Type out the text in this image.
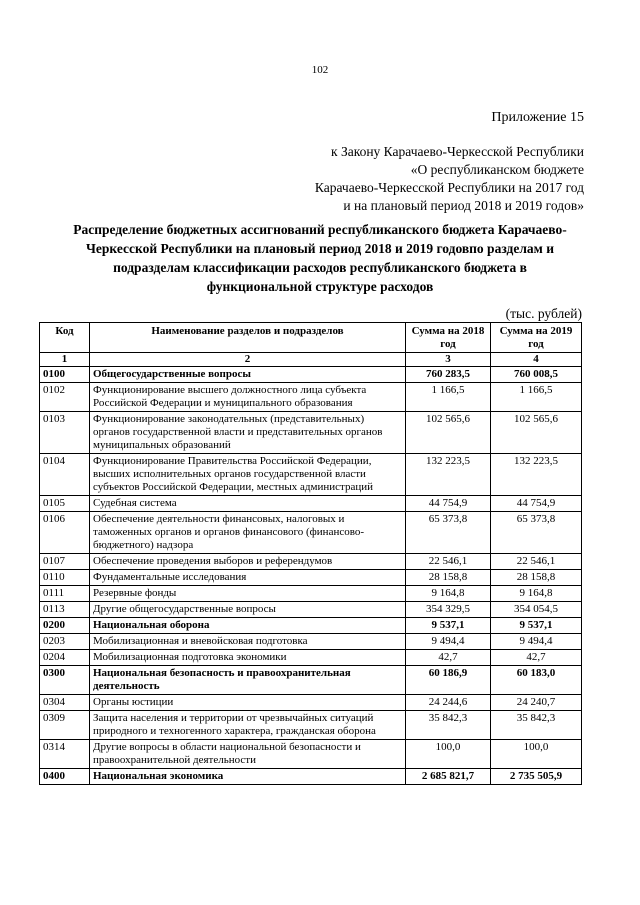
102
Приложение 15
к Закону Карачаево-Черкесской Республики
«О республиканском бюджете
Карачаево-Черкесской Республики на 2017 год
и на плановый период 2018 и 2019 годов»
Распределение бюджетных ассигнований республиканского бюджета Карачаево-
Черкесской Республики на плановый период 2018 и 2019 годовпо разделам и
подразделам классификации расходов республиканского бюджета в
функциональной структуре расходов
(тыс. рублей)
Код	Наименование разделов и подразделов	Сумма на 2018 год	Сумма на 2019 год
1	2	3	4
0100	Общегосударственные вопросы	760 283,5	760 008,5
0102	Функционирование высшего должностного лица субъекта Российской Федерации и муниципального образования	1 166,5	1 166,5
0103	Функционирование законодательных (представительных) органов государственной власти и представительных органов муниципальных образований	102 565,6	102 565,6
0104	Функционирование Правительства Российской Федерации, высших исполнительных органов государственной власти субъектов Российской Федерации, местных администраций	132 223,5	132 223,5
0105	Судебная система	44 754,9	44 754,9
0106	Обеспечение деятельности финансовых, налоговых и таможенных органов и органов финансового (финансово-бюджетного) надзора	65 373,8	65 373,8
0107	Обеспечение проведения выборов и референдумов	22 546,1	22 546,1
0110	Фундаментальные исследования	28 158,8	28 158,8
0111	Резервные фонды	9 164,8	9 164,8
0113	Другие общегосударственные вопросы	354 329,5	354 054,5
0200	Национальная оборона	9 537,1	9 537,1
0203	Мобилизационная и вневойсковая подготовка	9 494,4	9 494,4
0204	Мобилизационная подготовка экономики	42,7	42,7
0300	Национальная безопасность и правоохранительная деятельность	60 186,9	60 183,0
0304	Органы юстиции	24 244,6	24 240,7
0309	Защита населения и территории от чрезвычайных ситуаций природного и техногенного характера, гражданская оборона	35 842,3	35 842,3
0314	Другие вопросы в области национальной безопасности и правоохранительной деятельности	100,0	100,0
0400	Национальная экономика	2 685 821,7	2 735 505,9
